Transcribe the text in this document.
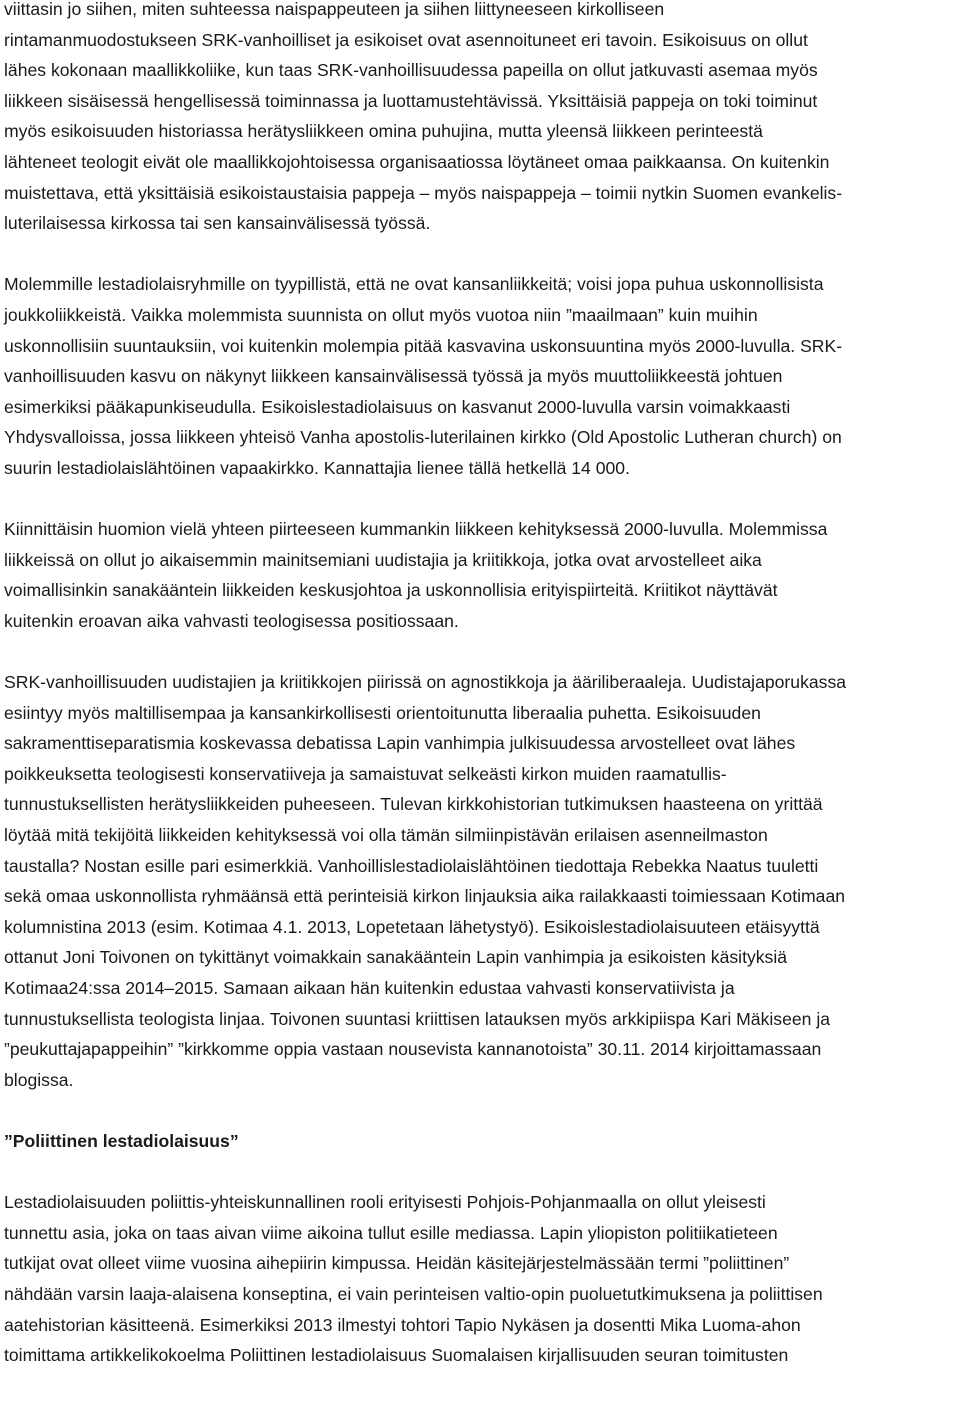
viittasin jo siihen, miten suhteessa naispappeuteen ja siihen liittyneeseen kirkolliseen
rintamanmuodostukseen SRK-vanhoilliset ja esikoiset ovat asennoituneet eri tavoin. Esikoisuus on ollut
lähes kokonaan maallikkoliike, kun taas SRK-vanhoillisuudessa papeilla on ollut jatkuvasti asemaa myös
liikkeen sisäisessä hengellisessä toiminnassa ja luottamustehtävissä. Yksittäisiä pappeja on toki toiminut
myös esikoisuuden historiassa herätysliikkeen omina puhujina, mutta yleensä liikkeen perinteestä
lähteneet teologit eivät ole maallikkojohtoisessa organisaatiossa löytäneet omaa paikkaansa. On kuitenkin
muistettava, että yksittäisiä esikoistaustaisia pappeja – myös naispappeja – toimii nytkin Suomen evankelis-
luterilaisessa kirkossa tai sen kansainvälisessä työssä.
Molemmille lestadiolaisryhmille on tyypillistä, että ne ovat kansanliikkeitä; voisi jopa puhua uskonnollisista
joukkoliikkeistä. Vaikka molemmista suunnista on ollut myös vuotoa niin ”maailmaan” kuin muihin
uskonnollisiin suuntauksiin, voi kuitenkin molempia pitää kasvavina uskonsuuntina myös 2000-luvulla. SRK-
vanhoillisuuden kasvu on näkynyt liikkeen kansainvälisessä työssä ja myös muuttoliikkeestä johtuen
esimerkiksi pääkapunkiseudulla. Esikoislestadiolaisuus on kasvanut 2000-luvulla varsin voimakkaasti
Yhdysvalloissa, jossa liikkeen yhteisö Vanha apostolis-luterilainen kirkko (Old Apostolic Lutheran church) on
suurin lestadiolaislähtöinen vapaakirkko. Kannattajia lienee tällä hetkellä 14 000.
Kiinnittäisin huomion vielä yhteen piirteeseen kummankin liikkeen kehityksessä 2000-luvulla. Molemmissa
liikkeissä on ollut jo aikaisemmin mainitsemiani uudistajia ja kriitikkoja, jotka ovat arvostelleet aika
voimallisinkin sanakääntein liikkeiden keskusjohtoa ja uskonnollisia erityispiirteitä. Kriitikot näyttävät
kuitenkin eroavan aika vahvasti teologisessa positiossaan.
SRK-vanhoillisuuden uudistajien ja kriitikkojen piirissä on agnostikkoja ja ääriliberaaleja. Uudistajaporukassa
esiintyy myös maltillisempaa ja kansankirkollisesti orientoitunutta liberaalia puhetta. Esikoisuuden
sakramenttiseparatismia koskevassa debatissa Lapin vanhimpia julkisuudessa arvostelleet ovat lähes
poikkeuksetta teologisesti konservatiiveja ja samaistuvat selkeästi kirkon muiden raamatullis-
tunnustuksellisten herätysliikkeiden puheeseen. Tulevan kirkkohistorian tutkimuksen haasteena on yrittää
löytää mitä tekijöitä liikkeiden kehityksessä voi olla tämän silmiinpistävän erilaisen asenneilmaston
taustalla? Nostan esille pari esimerkkiä. Vanhoillislestadiolaislähtöinen tiedottaja Rebekka Naatus tuuletti
sekä omaa uskonnollista ryhmäänsä että perinteisiä kirkon linjauksia aika railakkaasti toimiessaan Kotimaan
kolumnistina 2013 (esim. Kotimaa 4.1. 2013, Lopetetaan lähetystyö). Esikoislestadiolaisuuteen etäisyyttä
ottanut Joni Toivonen on tykittänyt voimakkain sanakääntein Lapin vanhimpia ja esikoisten käsityksiä
Kotimaa24:ssa 2014–2015. Samaan aikaan hän kuitenkin edustaa vahvasti konservatiivista ja
tunnustuksellista teologista linjaa. Toivonen suuntasi kriittisen latauksen myös arkkipiispa Kari Mäkiseen ja
”peukuttajapappeihin” ”kirkkomme oppia vastaan nousevista kannanotoista” 30.11. 2014 kirjoittamassaan
blogissa.
”Poliittinen lestadiolaisuus”
Lestadiolaisuuden poliittis-yhteiskunnallinen rooli erityisesti Pohjois-Pohjanmaalla on ollut yleisesti
tunnettu asia, joka on taas aivan viime aikoina tullut esille mediassa. Lapin yliopiston politiikatieteen
tutkijat ovat olleet viime vuosina aihepiirin kimpussa. Heidän käsitejärjestelmässään termi ”poliittinen”
nähdään varsin laaja-alaisena konseptina, ei vain perinteisen valtio-opin puoluetutkimuksena ja poliittisen
aatehistorian käsitteenä. Esimerkiksi 2013 ilmestyi tohtori Tapio Nykäsen ja dosentti Mika Luoma-ahon
toimittama artikkelikokoelma Poliittinen lestadiolaisuus Suomalaisen kirjallisuuden seuran toimitusten
